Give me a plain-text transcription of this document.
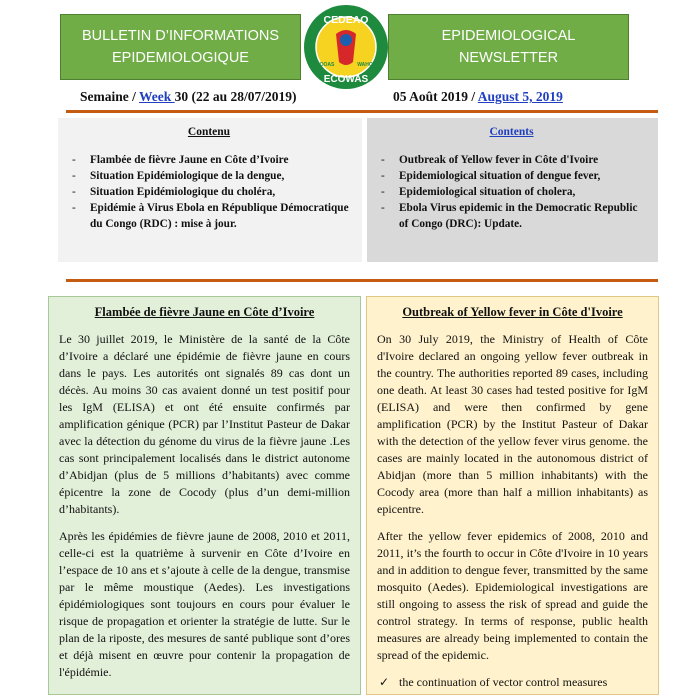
BULLETIN D’INFORMATIONS
EPIDEMIOLOGIQUE
CEDEAO
ECOWAS
OOAS	WAHO
EPIDEMIOLOGICAL
NEWSLETTER
Semaine / Week 30 (22 au 28/07/2019)	05 Août 2019 / August 5, 2019
Contenu
- Flambée de fièvre Jaune en Côte d’Ivoire
- Situation Epidémiologique de la dengue,
- Situation Epidémiologique du choléra,
- Epidémie à Virus Ebola en République Démocratique du Congo (RDC) : mise à jour.
Contents
- Outbreak of Yellow fever in Côte d'Ivoire
- Epidemiological situation of dengue fever,
- Epidemiological situation of cholera,
- Ebola Virus epidemic in the Democratic Republic of Congo (DRC): Update.
Flambée de fièvre Jaune en Côte d’Ivoire

Le 30 juillet 2019, le Ministère de la santé de la Côte d’Ivoire a déclaré une épidémie de fièvre jaune en cours dans le pays. Les autorités ont signalés 89 cas dont un décès. Au moins 30 cas avaient donné un test positif pour les IgM (ELISA) et ont été ensuite confirmés par amplification génique (PCR) par l’Institut Pasteur de Dakar avec la détection du génome du virus de la fièvre jaune .Les cas sont principalement localisés dans le district autonome d’Abidjan (plus de 5 millions d’habitants) avec comme épicentre la zone de Cocody (plus d’un demi-million d’habitants).

Après les épidémies de fièvre jaune de 2008, 2010 et 2011, celle-ci est la quatrième à survenir en Côte d’Ivoire en l’espace de 10 ans et s’ajoute à celle de la dengue, transmise par le même moustique (Aedes). Les investigations épidémiologiques sont toujours en cours pour évaluer le risque de propagation et orienter la stratégie de lutte. Sur le plan de la riposte, des mesures de santé publique sont d’ores et déjà misent en œuvre pour contenir la propagation de l'épidémie.

Outbreak of Yellow fever in Côte d'Ivoire

On 30 July 2019, the Ministry of Health of Côte d'Ivoire declared an ongoing yellow fever outbreak in the country. The authorities reported 89 cases, including one death. At least 30 cases had tested positive for IgM (ELISA) and were then confirmed by gene amplification (PCR) by the Institut Pasteur of Dakar with the detection of the yellow fever virus genome. the cases are mainly located in the autonomous district of Abidjan (more than 5 million inhabitants) with the Cocody area (more than half a million inhabitants) as epicentre.

After the yellow fever epidemics of 2008, 2010 and 2011, it’s the fourth to occur in Côte d'Ivoire in 10 years and in addition to dengue fever, transmitted by the same mosquito (Aedes). Epidemiological investigations are still ongoing to assess the risk of spread and guide the control strategy. In terms of response, public health measures are already being implemented to contain the spread of the epidemic.

✓ the continuation of vector control measures
